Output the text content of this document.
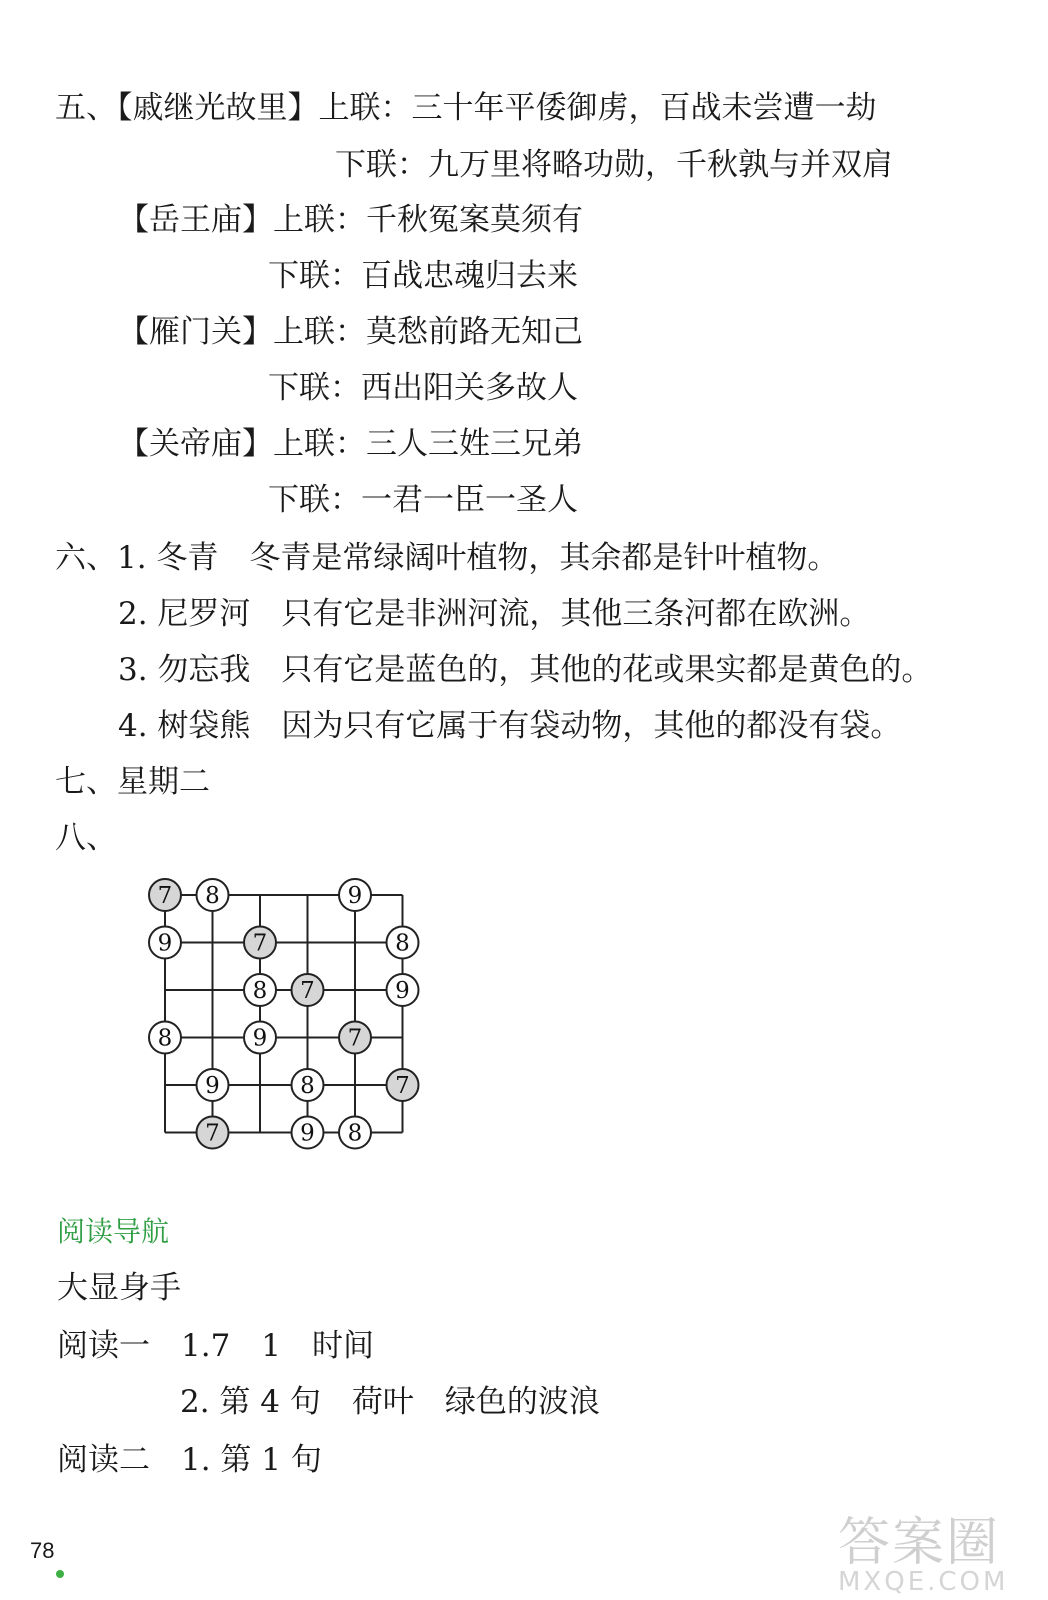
五、【戚继光故里】上联：三十年平倭御虏，百战未尝遭一劫
下联：九万里将略功勋，千秋孰与并双肩
【岳王庙】上联：千秋冤案莫须有
下联：百战忠魂归去来
【雁门关】上联：莫愁前路无知己
下联：西出阳关多故人
【关帝庙】上联：三人三姓三兄弟
下联：一君一臣一圣人
六、1. 冬青　冬青是常绿阔叶植物，其余都是针叶植物。
2. 尼罗河　只有它是非洲河流，其他三条河都在欧洲。
3. 勿忘我　只有它是蓝色的，其他的花或果实都是黄色的。
4. 树袋熊　因为只有它属于有袋动物，其他的都没有袋。
七、星期二
八、
7 8	9
9	7	8
8 7	9
8	9	7
9	8	7
7	9 8
阅读导航
大显身手
阅读一　1.7　1　时间
2. 第 4 句　荷叶　绿色的波浪
阅读二　1. 第 1 句
78	答案圈
MXQE.COM
